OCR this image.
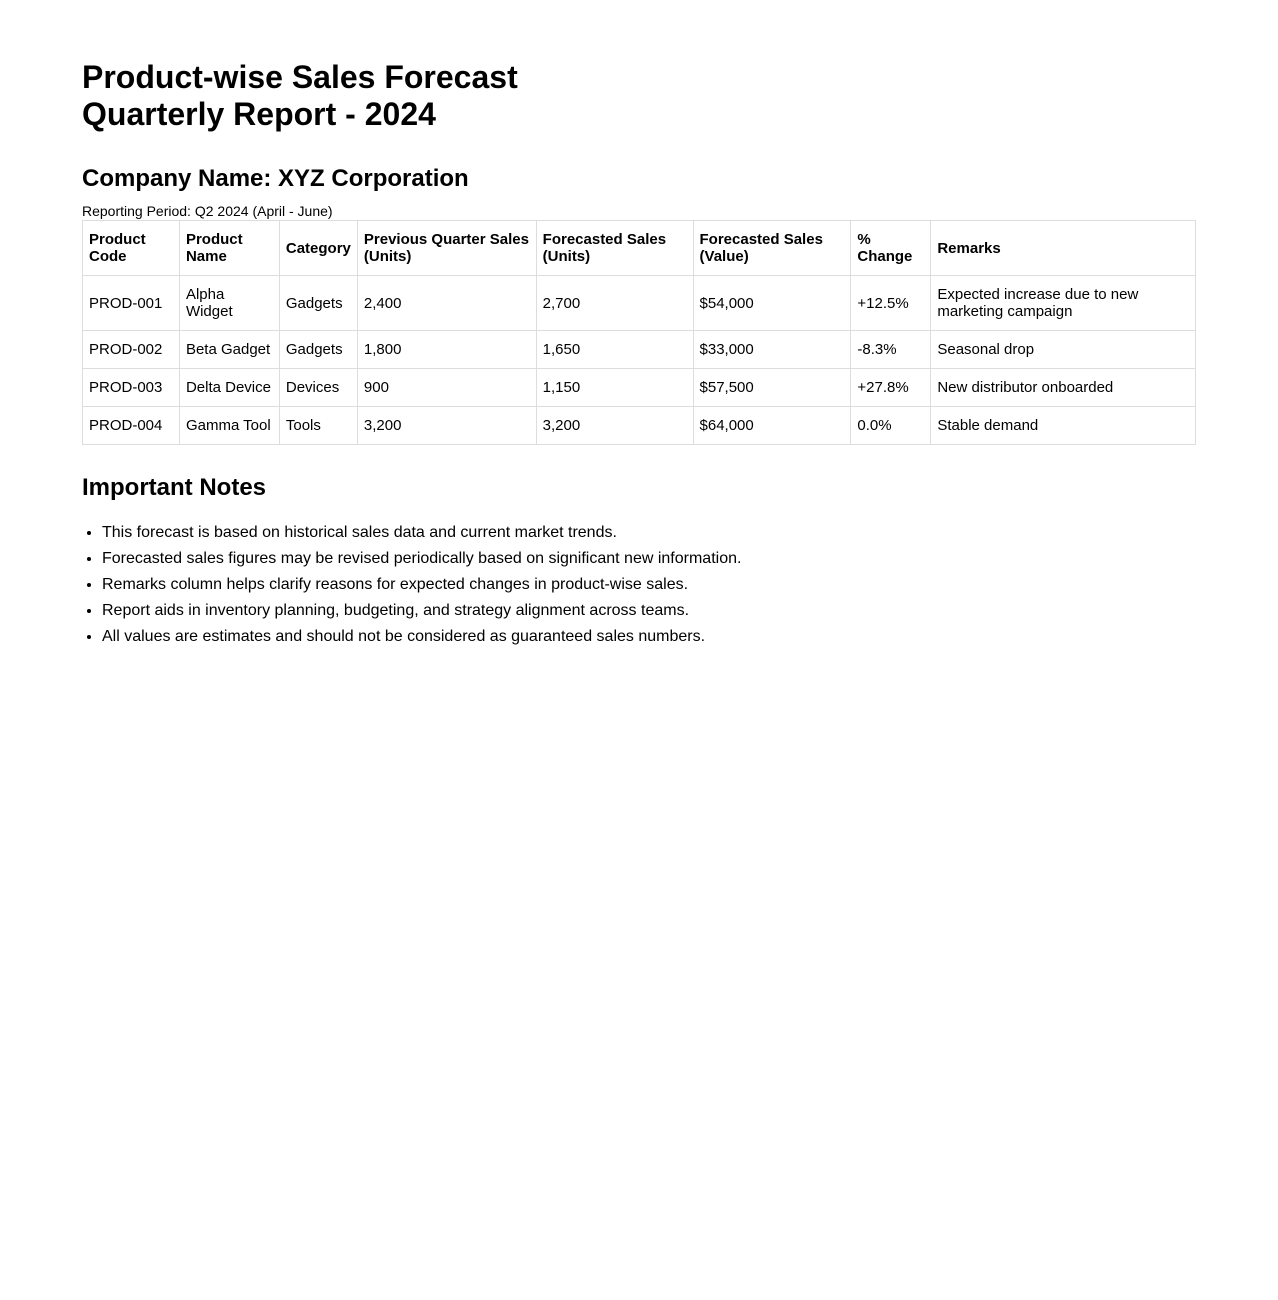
Product-wise Sales Forecast
Quarterly Report - 2024
Company Name: XYZ Corporation
Reporting Period: Q2 2024 (April - June)
Product Code	Product Name	Category	Previous Quarter Sales (Units)	Forecasted Sales (Units)	Forecasted Sales (Value)	% Change	Remarks
PROD-001	Alpha Widget	Gadgets	2,400	2,700	$54,000	+12.5%	Expected increase due to new marketing campaign
PROD-002	Beta Gadget	Gadgets	1,800	1,650	$33,000	-8.3%	Seasonal drop
PROD-003	Delta Device	Devices	900	1,150	$57,500	+27.8%	New distributor onboarded
PROD-004	Gamma Tool	Tools	3,200	3,200	$64,000	0.0%	Stable demand
Important Notes
• This forecast is based on historical sales data and current market trends.
• Forecasted sales figures may be revised periodically based on significant new information.
• Remarks column helps clarify reasons for expected changes in product-wise sales.
• Report aids in inventory planning, budgeting, and strategy alignment across teams.
• All values are estimates and should not be considered as guaranteed sales numbers.
